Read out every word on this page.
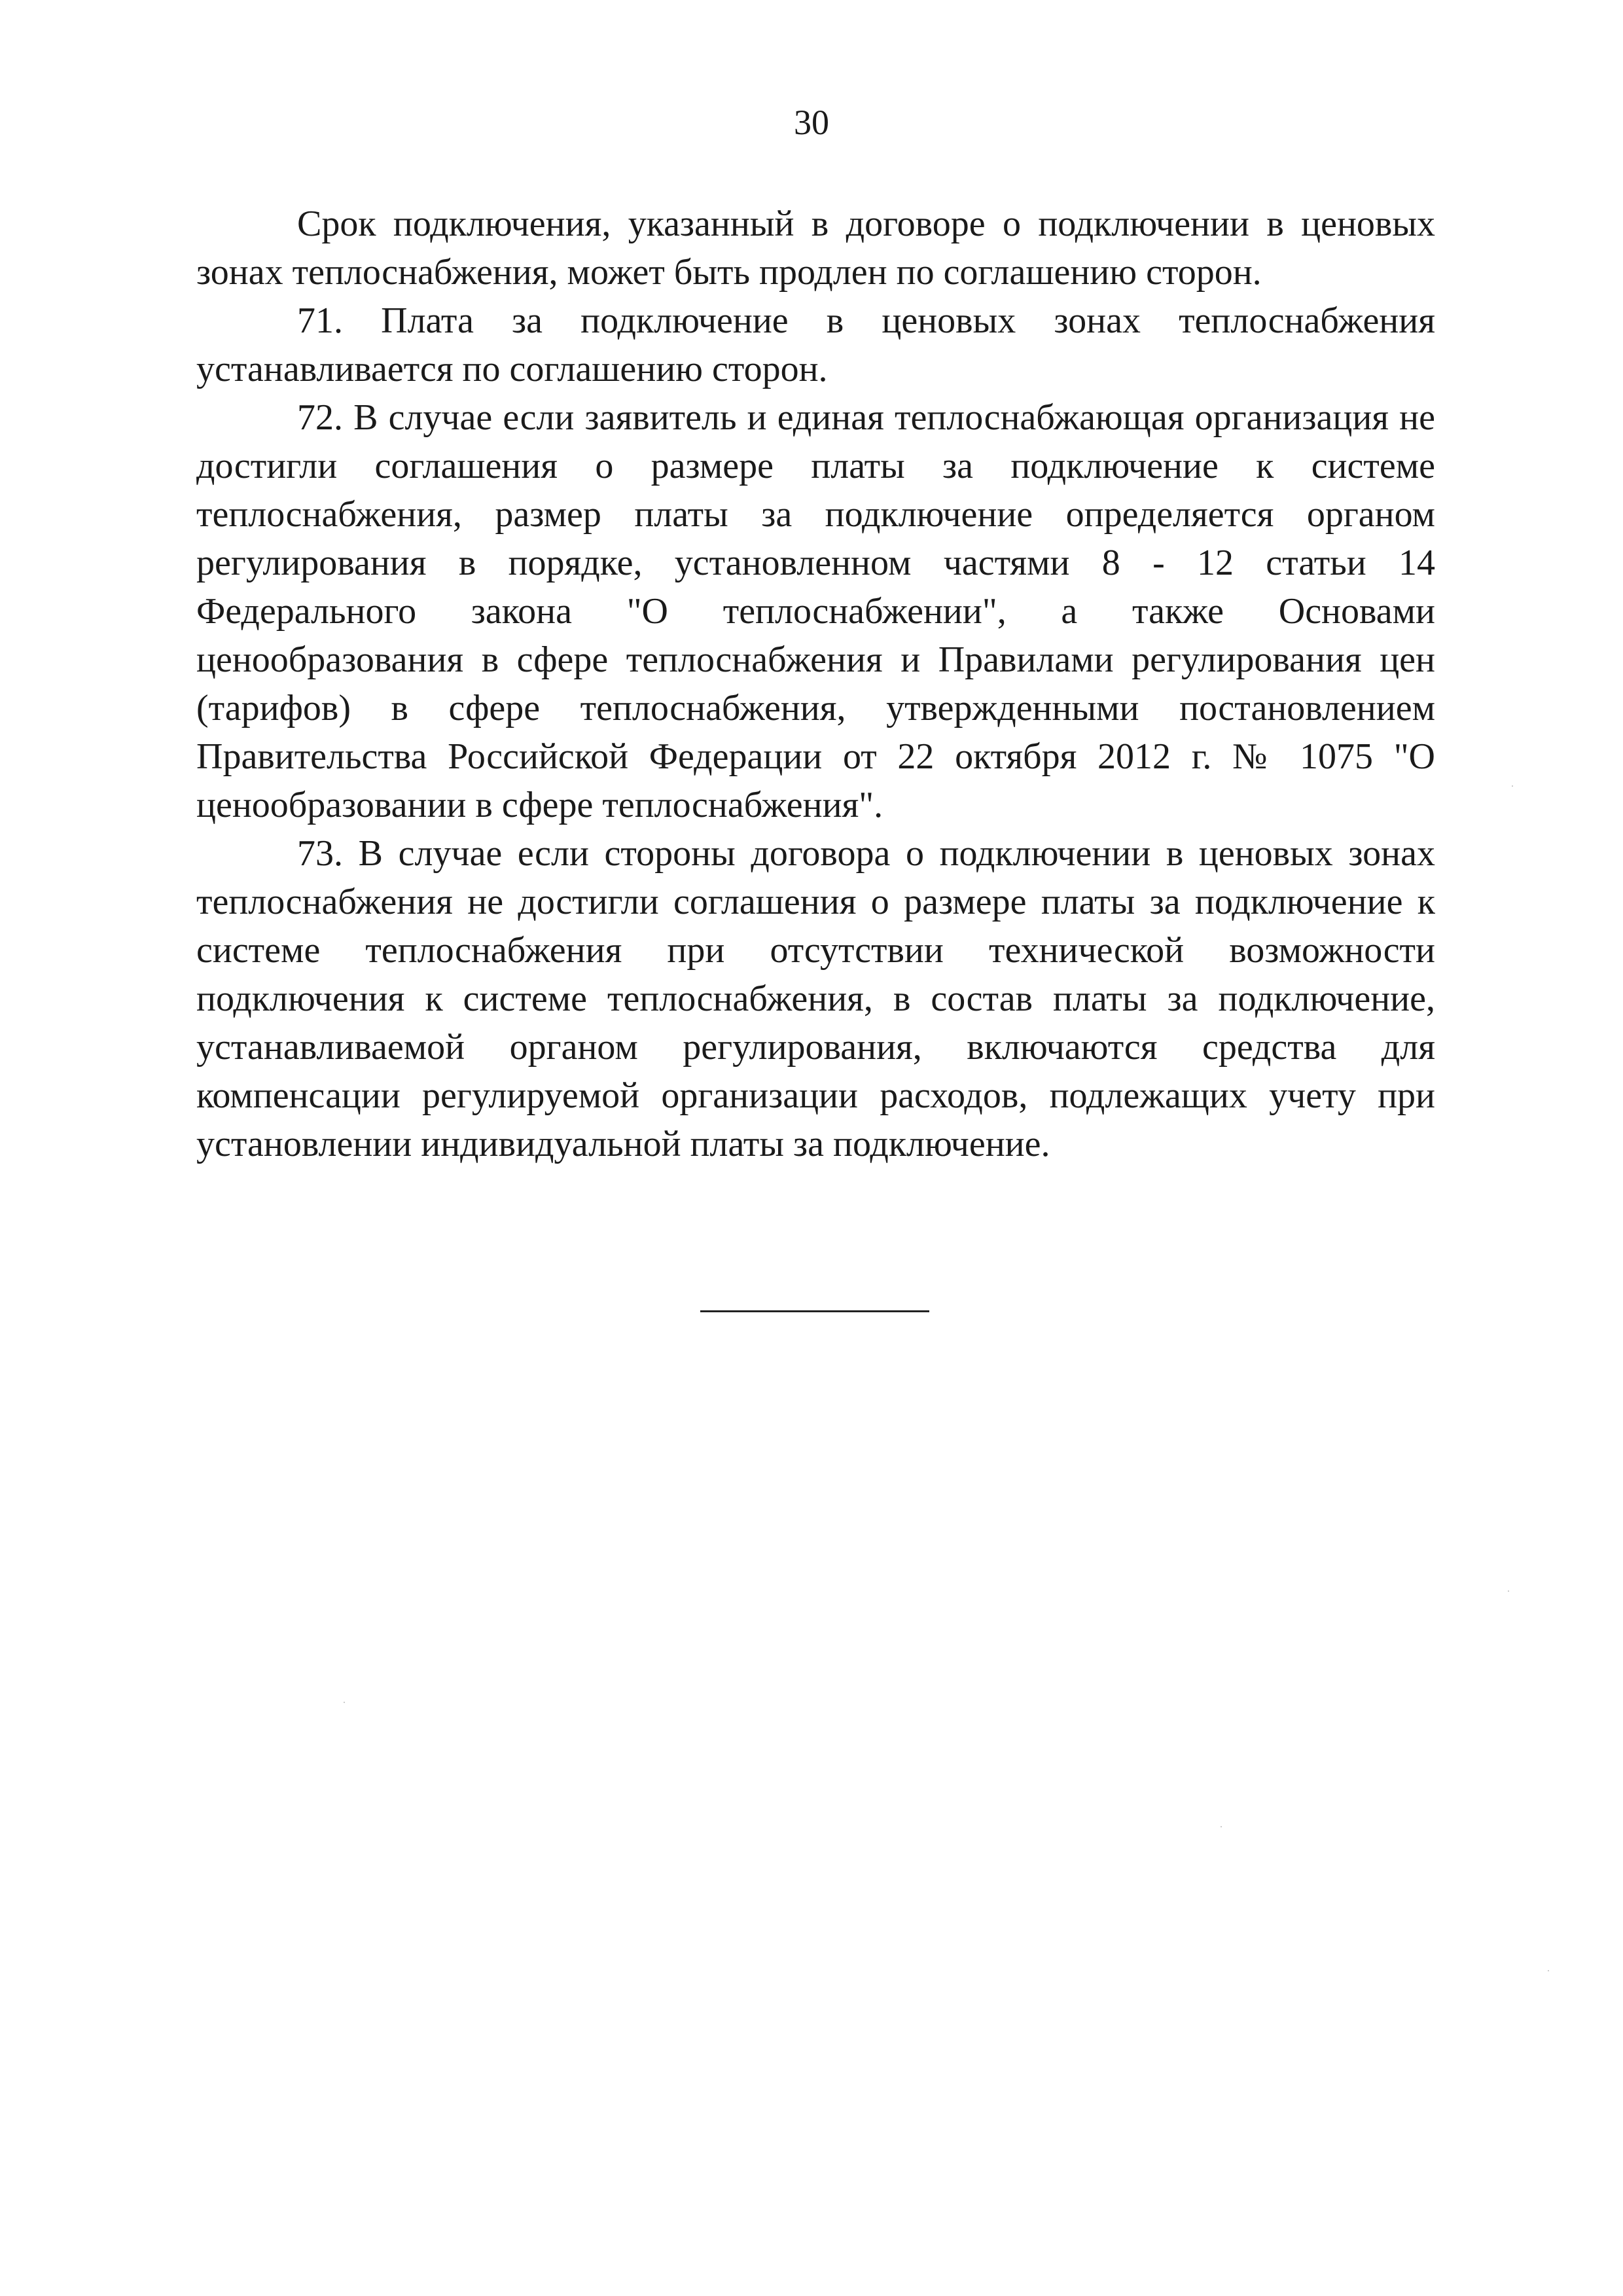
30

Срок подключения, указанный в договоре о подключении в ценовых зонах теплоснабжения, может быть продлен по соглашению сторон.

71. Плата за подключение в ценовых зонах теплоснабжения устанавливается по соглашению сторон.

72. В случае если заявитель и единая теплоснабжающая организация не достигли соглашения о размере платы за подключение к системе теплоснабжения, размер платы за подключение определяется органом регулирования в порядке, установленном частями 8 - 12 статьи 14 Федерального закона "О теплоснабжении", а также Основами ценообразования в сфере теплоснабжения и Правилами регулирования цен (тарифов) в сфере теплоснабжения, утвержденными постановлением Правительства Российской Федерации от 22 октября 2012 г. № 1075 "О ценообразовании в сфере теплоснабжения".

73. В случае если стороны договора о подключении в ценовых зонах теплоснабжения не достигли соглашения о размере платы за подключение к системе теплоснабжения при отсутствии технической возможности подключения к системе теплоснабжения, в состав платы за подключение, устанавливаемой органом регулирования, включаются средства для компенсации регулируемой организации расходов, подлежащих учету при установлении индивидуальной платы за подключение.
